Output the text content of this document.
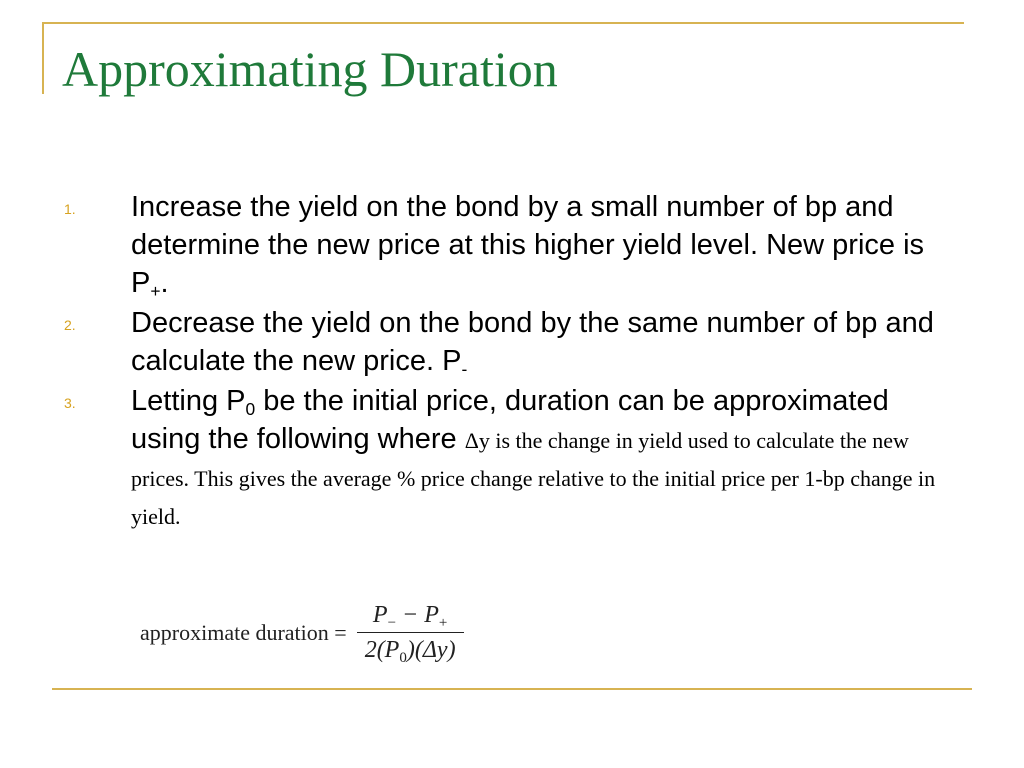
Approximating Duration
1. Increase the yield on the bond by a small number of bp and determine the new price at this higher yield level. New price is $P_+$.
2. Decrease the yield on the bond by the same number of bp and calculate the new price. $P_-$
3. Letting $P_0$ be the initial price, duration can be approximated using the following where Δy is the change in yield used to calculate the new prices. This gives the average % price change relative to the initial price per 1-bp change in yield.
approximate duration = $\frac{P_- - P_+}{2(P_0)(\Delta y)}$
